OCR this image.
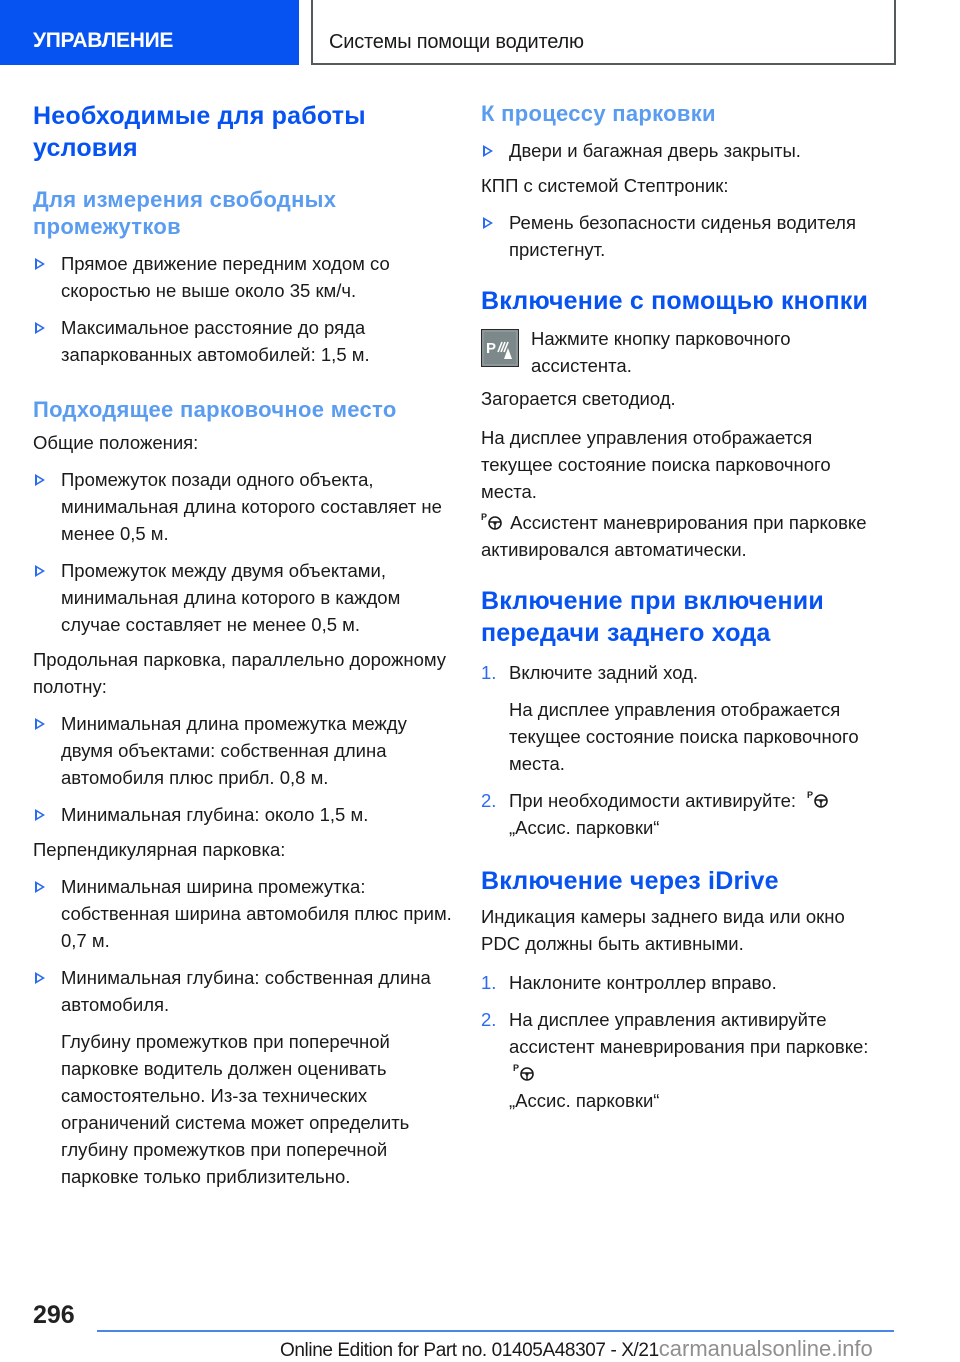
УПРАВЛЕНИЕ	Системы помощи водителю
Необходимые для работы условия
Для измерения свободных промежутков
Прямое движение передним ходом со скоростью не выше около 35 км/ч.
Максимальное расстояние до ряда запаркованных автомобилей: 1,5 м.
Подходящее парковочное место
Общие положения:
Промежуток позади одного объекта, минимальная длина которого составляет не менее 0,5 м.
Промежуток между двумя объектами, минимальная длина которого в каждом случае составляет не менее 0,5 м.
Продольная парковка, параллельно дорожному полотну:
Минимальная длина промежутка между двумя объектами: собственная длина автомобиля плюс прибл. 0,8 м.
Минимальная глубина: около 1,5 м.
Перпендикулярная парковка:
Минимальная ширина промежутка: собственная ширина автомобиля плюс прим. 0,7 м.
Минимальная глубина: собственная длина автомобиля.
Глубину промежутков при поперечной парковке водитель должен оценивать самостоятельно. Из-за технических ограничений система может определить глубину промежутков при поперечной парковке только приблизительно.
К процессу парковки
Двери и багажная дверь закрыты.
КПП с системой Стептроник:
Ремень безопасности сиденья водителя пристегнут.
Включение с помощью кнопки
P	Нажмите кнопку парковочного ассистента.
Загорается светодиод.
На дисплее управления отображается текущее состояние поиска парковочного места.
P Ассистент маневрирования при парковке активировался автоматически.
Включение при включении передачи заднего хода
1. Включите задний ход.
На дисплее управления отображается текущее состояние поиска парковочного места.
2. При необходимости активируйте: P

„Ассис. парковки“
Включение через iDrive
Индикация камеры заднего вида или окно PDC должны быть активными.
1. Наклоните контроллер вправо.
2. На дисплее управления активируйте ассистент маневрирования при парковке:
P

„Ассис. парковки“
296
Online Edition for Part no. 01405A48307 - X/21carmanualsonline.info
